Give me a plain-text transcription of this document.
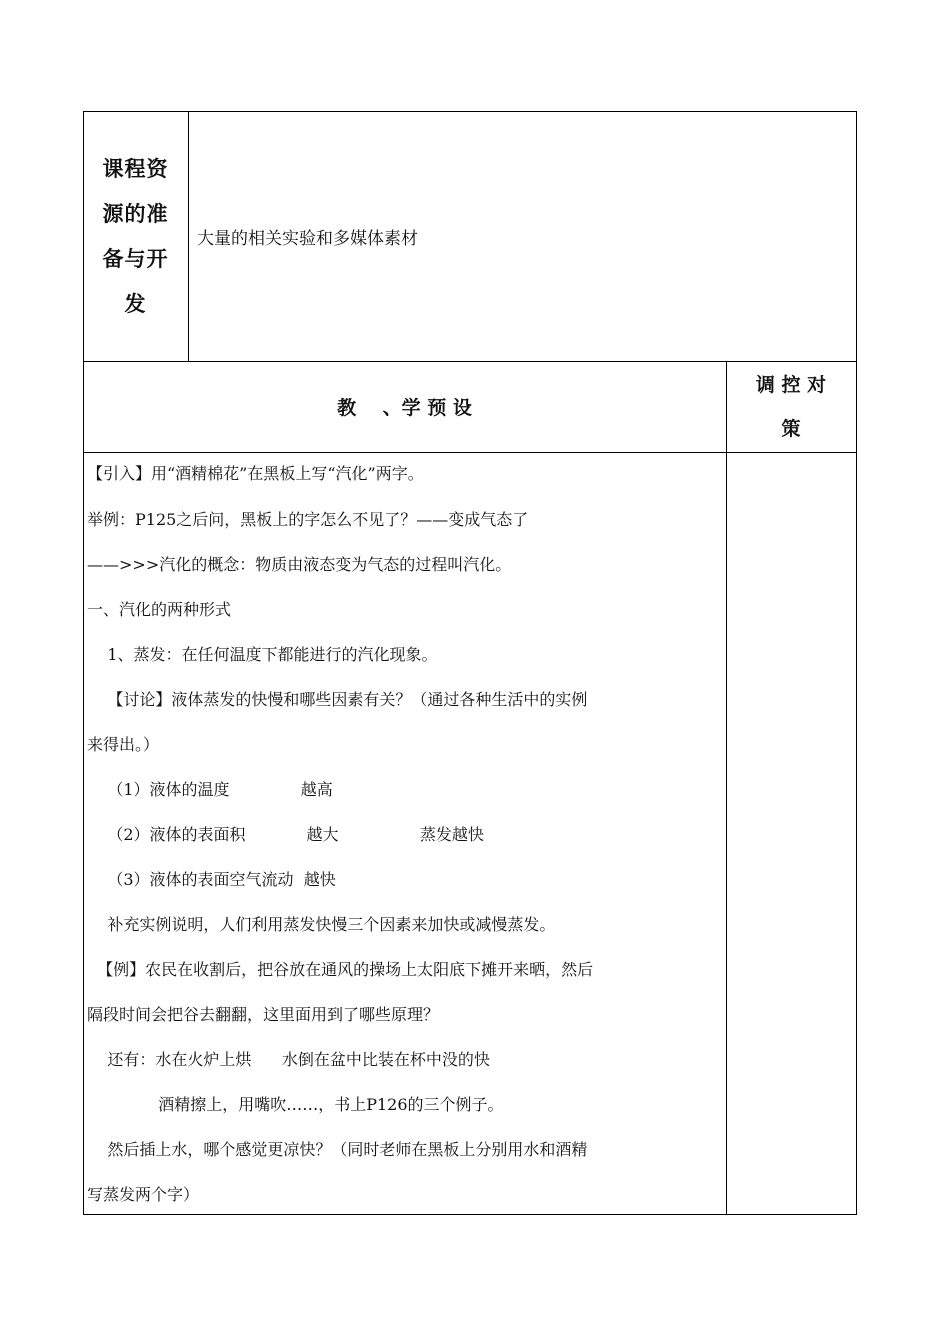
课程资
源的准
备与开
发
大量的相关实验和多媒体素材
教    、学 预 设
调 控 对
策
【引入】用“酒精棉花”在黑板上写“汽化”两字。
举例：P125之后问，黑板上的字怎么不见了？——变成气态了
——>>>汽化的概念：物质由液态变为气态的过程叫汽化。
一、汽化的两种形式
1、蒸发：在任何温度下都能进行的汽化现象。
【讨论】液体蒸发的快慢和哪些因素有关？（通过各种生活中的实例
来得出。）
（1）液体的温度              越高
（2）液体的表面积            越大                蒸发越快
（3）液体的表面空气流动  越快
补充实例说明，人们利用蒸发快慢三个因素来加快或减慢蒸发。
【例】农民在收割后，把谷放在通风的操场上太阳底下摊开来晒，然后
隔段时间会把谷去翻翻，这里面用到了哪些原理？
还有：水在火炉上烘      水倒在盆中比装在杯中没的快
酒精擦上，用嘴吹……，书上P126的三个例子。
然后插上水，哪个感觉更凉快？（同时老师在黑板上分别用水和酒精
写蒸发两个字）
